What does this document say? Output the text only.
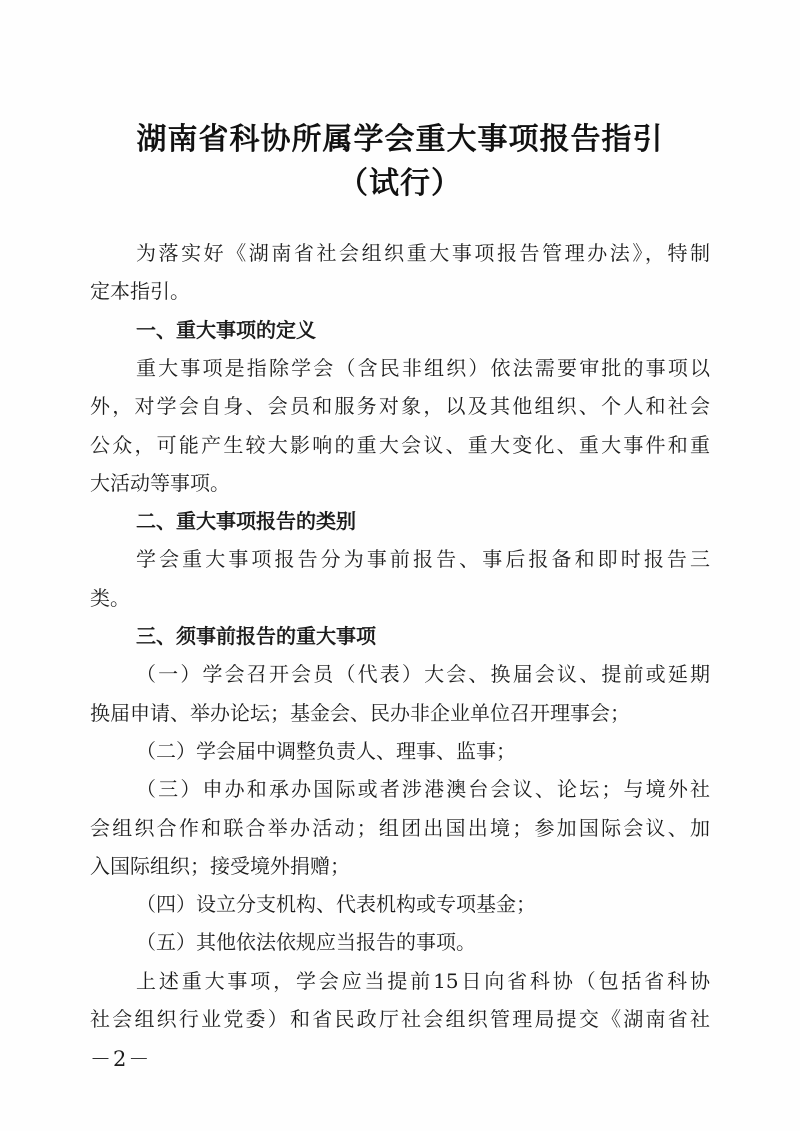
湖南省科协所属学会重大事项报告指引
（试行）
为落实好《湖南省社会组织重大事项报告管理办法》，特制
定本指引。
一、重大事项的定义
重大事项是指除学会（含民非组织）依法需要审批的事项以
外，对学会自身、会员和服务对象，以及其他组织、个人和社会
公众，可能产生较大影响的重大会议、重大变化、重大事件和重
大活动等事项。
二、重大事项报告的类别
学会重大事项报告分为事前报告、事后报备和即时报告三
类。
三、须事前报告的重大事项
（一）学会召开会员（代表）大会、换届会议、提前或延期
换届申请、举办论坛；基金会、民办非企业单位召开理事会；
（二）学会届中调整负责人、理事、监事；
（三）申办和承办国际或者涉港澳台会议、论坛；与境外社
会组织合作和联合举办活动；组团出国出境；参加国际会议、加
入国际组织；接受境外捐赠；
（四）设立分支机构、代表机构或专项基金；
（五）其他依法依规应当报告的事项。
上述重大事项，学会应当提前15日向省科协（包括省科协
社会组织行业党委）和省民政厅社会组织管理局提交《湖南省社
－2－
